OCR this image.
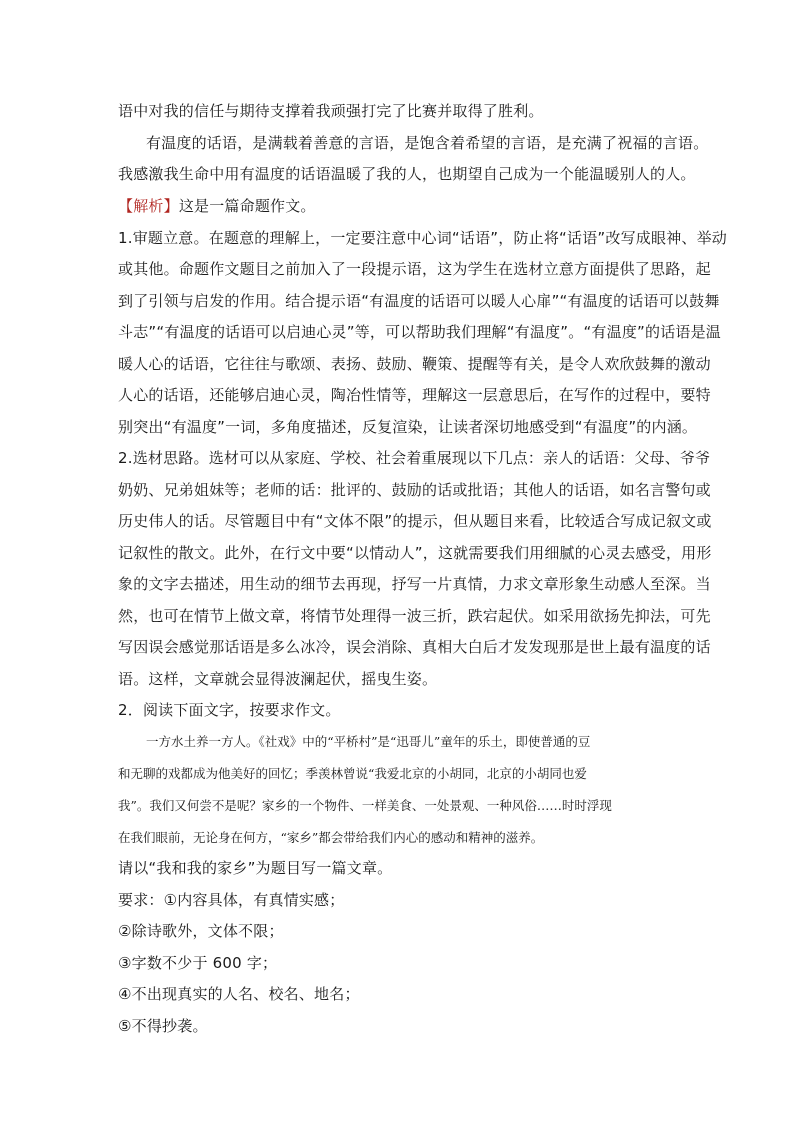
语中对我的信任与期待支撑着我顽强打完了比赛并取得了胜利。
有温度的话语，是满载着善意的言语，是饱含着希望的言语，是充满了祝福的言语。
我感激我生命中用有温度的话语温暖了我的人，也期望自己成为一个能温暖别人的人。
【解析】这是一篇命题作文。
1.审题立意。在题意的理解上，一定要注意中心词“话语”，防止将“话语”改写成眼神、举动
或其他。命题作文题目之前加入了一段提示语，这为学生在选材立意方面提供了思路，起
到了引领与启发的作用。结合提示语“有温度的话语可以暖人心扉”“有温度的话语可以鼓舞
斗志”“有温度的话语可以启迪心灵”等，可以帮助我们理解“有温度”。“有温度”的话语是温
暖人心的话语，它往往与歌颂、表扬、鼓励、鞭策、提醒等有关，是令人欢欣鼓舞的激动
人心的话语，还能够启迪心灵，陶冶性情等，理解这一层意思后，在写作的过程中，要特
别突出“有温度”一词，多角度描述，反复渲染，让读者深切地感受到“有温度”的内涵。
2.选材思路。选材可以从家庭、学校、社会着重展现以下几点：亲人的话语：父母、爷爷
奶奶、兄弟姐妹等；老师的话：批评的、鼓励的话或批语；其他人的话语，如名言警句或
历史伟人的话。尽管题目中有“文体不限”的提示，但从题目来看，比较适合写成记叙文或
记叙性的散文。此外，在行文中要“以情动人”，这就需要我们用细腻的心灵去感受，用形
象的文字去描述，用生动的细节去再现，抒写一片真情，力求文章形象生动感人至深。当
然，也可在情节上做文章，将情节处理得一波三折，跌宕起伏。如采用欲扬先抑法，可先
写因误会感觉那话语是多么冰冷，误会消除、真相大白后才发发现那是世上最有温度的话
语。这样，文章就会显得波澜起伏，摇曳生姿。
2．阅读下面文字，按要求作文。
一方水土养一方人。《社戏》中的“平桥村”是“迅哥儿”童年的乐土，即使普通的豆
和无聊的戏都成为他美好的回忆；季羡林曾说“我爱北京的小胡同，北京的小胡同也爱
我”。我们又何尝不是呢？家乡的一个物件、一样美食、一处景观、一种风俗……时时浮现
在我们眼前，无论身在何方，“家乡”都会带给我们内心的感动和精神的滋养。
请以“我和我的家乡”为题目写一篇文章。
要求：①内容具体，有真情实感；
②除诗歌外，文体不限；
③字数不少于 600 字；
④不出现真实的人名、校名、地名；
⑤不得抄袭。
